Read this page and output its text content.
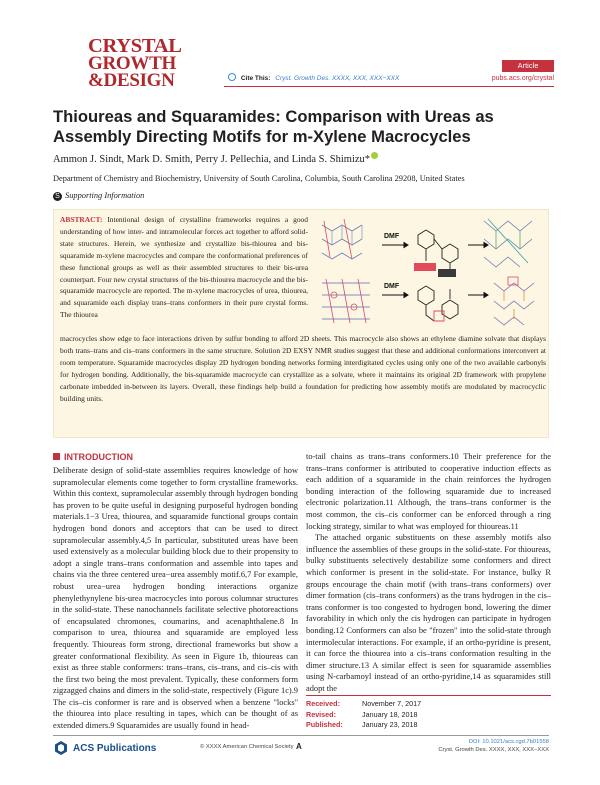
CRYSTAL
GROWTH
&DESIGN
Article
Cite This: Cryst. Growth Des. XXXX, XXX, XXX−XXX	pubs.acs.org/crystal
Thioureas and Squaramides: Comparison with Ureas as Assembly Directing Motifs for m-Xylene Macrocycles
Ammon J. Sindt, Mark D. Smith, Perry J. Pellechia, and Linda S. Shimizu*
Department of Chemistry and Biochemistry, University of South Carolina, Columbia, South Carolina 29208, United States
S Supporting Information
ABSTRACT: Intentional design of crystalline frameworks requires a good understanding of how inter- and intramolecular forces act together to afford solid-state structures. Herein, we synthesize and crystallize bis-thiourea and bis-squaramide m-xylene macrocycles and compare the conformational preferences of these functional groups as well as their assembled structures to their bis-urea counterpart. Four new crystal structures of the bis-thiourea macrocycle and the bis-squaramide macrocycle are reported. The m-xylene macrocycles of urea, thiourea, and squaramide each display trans–trans conformers in their pure crystal forms. The thiourea
DMF
DMF
macrocycles show edge to face interactions driven by sulfur bonding to afford 2D sheets. This macrocycle also shows an ethylene diamine solvate that displays both trans–trans and cis–trans conformers in the same structure. Solution 2D EXSY NMR studies suggest that these and additional conformations interconvert at room temperature. Squaramide macrocycles display 2D hydrogen bonding networks forming interdigitated cycles using only one of the two available carbonyls for hydrogen bonding. Additionally, the bis-squaramide macrocycle can crystallize as a solvate, where it maintains its original 2D framework with propylene carbonate imbedded in-between its layers. Overall, these findings help build a foundation for predicting how assembly motifs are modulated by macrocyclic building units.
INTRODUCTION

Deliberate design of solid-state assemblies requires knowledge of how supramolecular elements come together to form crystalline frameworks. Within this context, supramolecular assembly through hydrogen bonding has proven to be quite useful in designing purposeful hydrogen bonding materials.1−3 Urea, thiourea, and squaramide functional groups contain hydrogen bond donors and acceptors that can be used to direct supramolecular assembly.4,5 In particular, substituted ureas have been used extensively as a molecular building block due to their propensity to adopt a single trans–trans conformation and assemble into tapes and chains via the three centered urea−urea assembly motif.6,7 For example, robust urea−urea hydrogen bonding interactions organize phenylethynylene bis-urea macrocycles into porous columnar structures in the solid-state. These nanochannels facilitate selective photoreactions of encapsulated chromones, coumarins, and acenaphthalene.8 In comparison to urea, thiourea and squaramide are employed less frequently. Thioureas form strong, directional frameworks but show a greater conformational flexibility. As seen in Figure 1b, thioureas can exist as three stable conformers: trans–trans, cis–trans, and cis–cis with the first two being the most prevalent. Typically, these conformers form zigzagged chains and dimers in the solid-state, respectively (Figure 1c).9 The cis–cis conformer is rare and is observed when a benzene "locks" the thiourea into place resulting in tapes, which can be thought of as extended dimers.9 Squaramides are usually found in head-

to-tail chains as trans–trans conformers.10 Their preference for the trans–trans conformer is attributed to cooperative induction effects as each addition of a squaramide in the chain reinforces the hydrogen bonding interaction of the following squaramide due to increased electronic polarization.11 Although, the trans–trans conformer is the most common, the cis–cis conformer can be enforced through a ring locking strategy, similar to what was employed for thioureas.11

The attached organic substituents on these assembly motifs also influence the assemblies of these groups in the solid-state. For thioureas, bulky substituents selectively destabilize some conformers and direct which conformer is present in the solid-state. For instance, bulky R groups encourage the chain motif (with trans–trans conformers) over dimer formation (cis–trans conformers) as the trans hydrogen in the cis–trans conformer is too congested to hydrogen bond, lowering the dimer favorability in which only the cis hydrogen can participate in hydrogen bonding.12 Conformers can also be "frozen" into the solid-state through intermolecular interactions. For example, if an ortho-pyridine is present, it can force the thiourea into a cis–trans conformation resulting in the dimer structure.13 A similar effect is seen for squaramide assemblies using N-carbamoyl instead of an ortho-pyridine,14 as squaramides still adopt the

Received:	November 7, 2017
Revised:	January 18, 2018
Published:	January 23, 2018
ACS Publications	© XXXX American Chemical Society A	DOI: 10.1021/acs.cgd.7b01558
Cryst. Growth Des. XXXX, XXX, XXX−XXX
